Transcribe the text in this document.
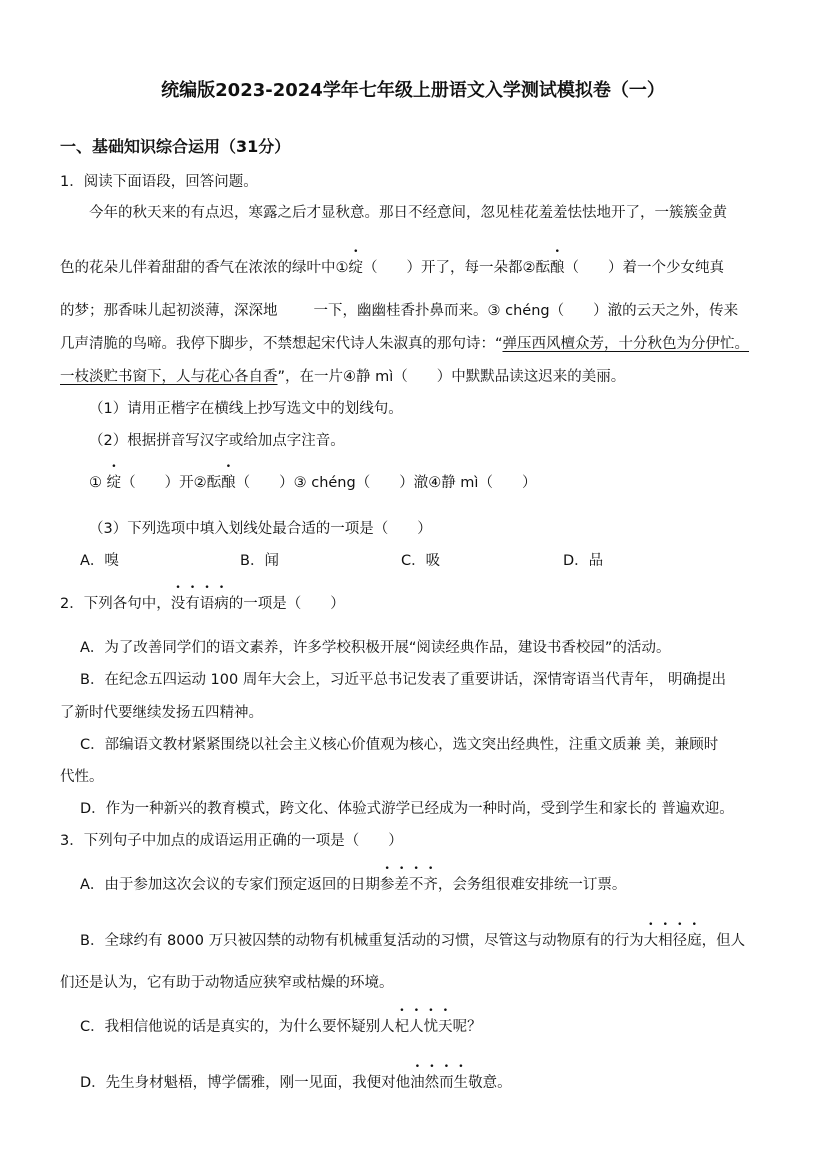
统编版2023-2024学年七年级上册语文入学测试模拟卷（一）
一、基础知识综合运用（31分）
1．阅读下面语段，回答问题。
今年的秋天来的有点迟，寒露之后才显秋意。那日不经意间，忽见桂花羞羞怯怯地开了，一簇簇金黄
色的花朵儿伴着甜甜的香气在浓浓的绿叶中①绽（　　）开了，每一朵都②酝酿（　　）着一个少女纯真
的梦；那香味儿起初淡薄，深深地 一下，幽幽桂香扑鼻而来。③ chéng（　　）澈的云天之外，传来
几声清脆的鸟啼。我停下脚步，不禁想起宋代诗人朱淑真的那句诗：“弹压西风檀众芳，十分秋色为分伊忙。
一枝淡贮书窗下，人与花心各自香”，在一片④静 mì（　　）中默默品读这迟来的美丽。
（1）请用正楷字在横线上抄写选文中的划线句。
（2）根据拼音写汉字或给加点字注音。
① 绽（　　）开②酝酿（　　）③ chéng（　　）澈④静 mì（　　）
（3）下列选项中填入划线处最合适的一项是（　　）
A．嗅	B．闻	C．吸	D．品
2．下列各句中，没有语病的一项是（　　）
A．为了改善同学们的语文素养，许多学校积极开展“阅读经典作品，建设书香校园”的活动。
B．在纪念五四运动 100 周年大会上，习近平总书记发表了重要讲话，深情寄语当代青年， 明确提出
了新时代要继续发扬五四精神。
C．部编语文教材紧紧围绕以社会主义核心价值观为核心，选文突出经典性，注重文质兼 美，兼顾时
代性。
D．作为一种新兴的教育模式，跨文化、体验式游学已经成为一种时尚，受到学生和家长的 普遍欢迎。
3．下列句子中加点的成语运用正确的一项是（　　）
A．由于参加这次会议的专家们预定返回的日期参差不齐，会务组很难安排统一订票。
B．全球约有 8000 万只被囚禁的动物有机械重复活动的习惯，尽管这与动物原有的行为大相径庭，但人
们还是认为，它有助于动物适应狭窄或枯燥的环境。
C．我相信他说的话是真实的，为什么要怀疑别人杞人忧天呢？
D．先生身材魁梧，博学儒雅，刚一见面，我便对他油然而生敬意。
